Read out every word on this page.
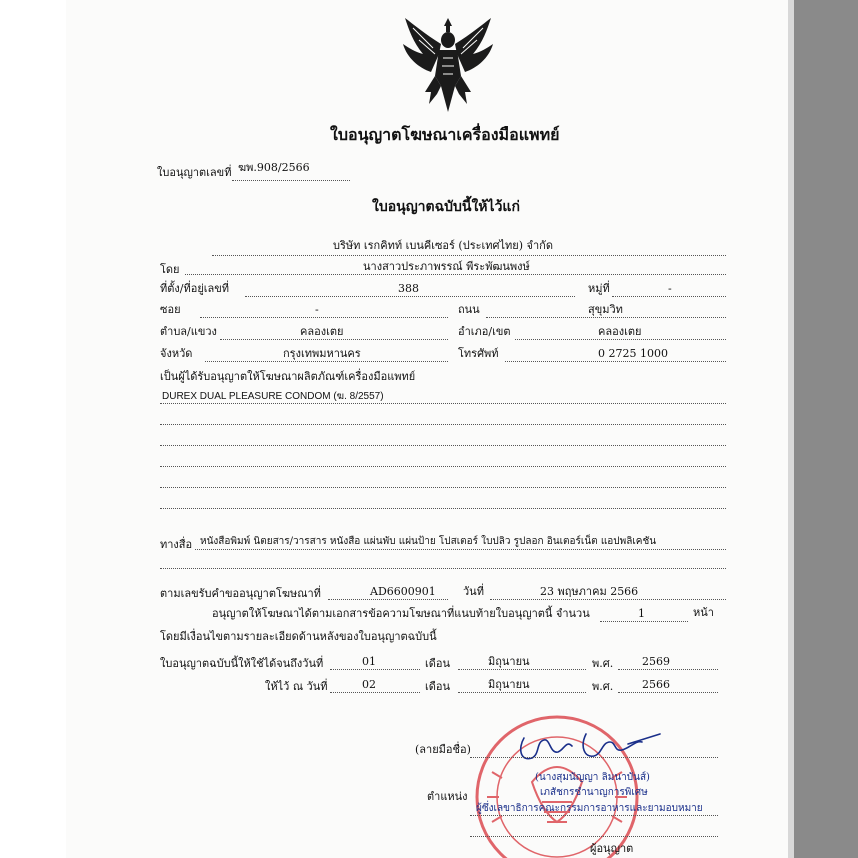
ใบอนุญาตโฆษณาเครื่องมือแพทย์
ใบอนุญาตเลขที่ ฆพ.908/2566
ใบอนุญาตฉบับนี้ให้ไว้แก่
บริษัท เรกคิทท์ เบนคีเซอร์ (ประเทศไทย) จำกัด
โดย	นางสาวประภาพรรณ์ พีระพัฒนพงษ์
ที่ตั้ง/ที่อยู่เลขที่	388	หมู่ที่	-
ซอย	-	ถนน	สุขุมวิท
ตำบล/แขวง	คลองเตย	อำเภอ/เขต	คลองเตย
จังหวัด	กรุงเทพมหานคร	โทรศัพท์	0 2725 1000
เป็นผู้ได้รับอนุญาตให้โฆษณาผลิตภัณฑ์เครื่องมือแพทย์
DUREX DUAL PLEASURE CONDOM (ฆ. 8/2557)
ทางสื่อ หนังสือพิมพ์ นิตยสาร/วารสาร หนังสือ แผ่นพับ แผ่นป้าย โปสเตอร์ ใบปลิว รูปลอก อินเตอร์เน็ต แอปพลิเคชัน
ตามเลขรับคำขออนุญาตโฆษณาที่	AD6600901 วันที่	23 พฤษภาคม 2566
อนุญาตให้โฆษณาได้ตามเอกสารข้อความโฆษณาที่แนบท้ายใบอนุญาตนี้ จำนวน	1	หน้า
โดยมีเงื่อนไขตามรายละเอียดด้านหลังของใบอนุญาตฉบับนี้
ใบอนุญาตฉบับนี้ให้ใช้ได้จนถึงวันที่	01	เดือน	มิถุนายน	พ.ศ.	2569
ให้ไว้ ณ วันที่	02	เดือน	มิถุนายน	พ.ศ.	2566
(ลายมือชื่อ)
(นางสุมนัญญา ลิมนาบันส์)
เภสัชกรชำนาญการพิเศษ
ตำแหน่ง
ผู้ซึ่งเลขาธิการคณะกรรมการอาหารและยามอบหมาย
ผู้อนุญาต
